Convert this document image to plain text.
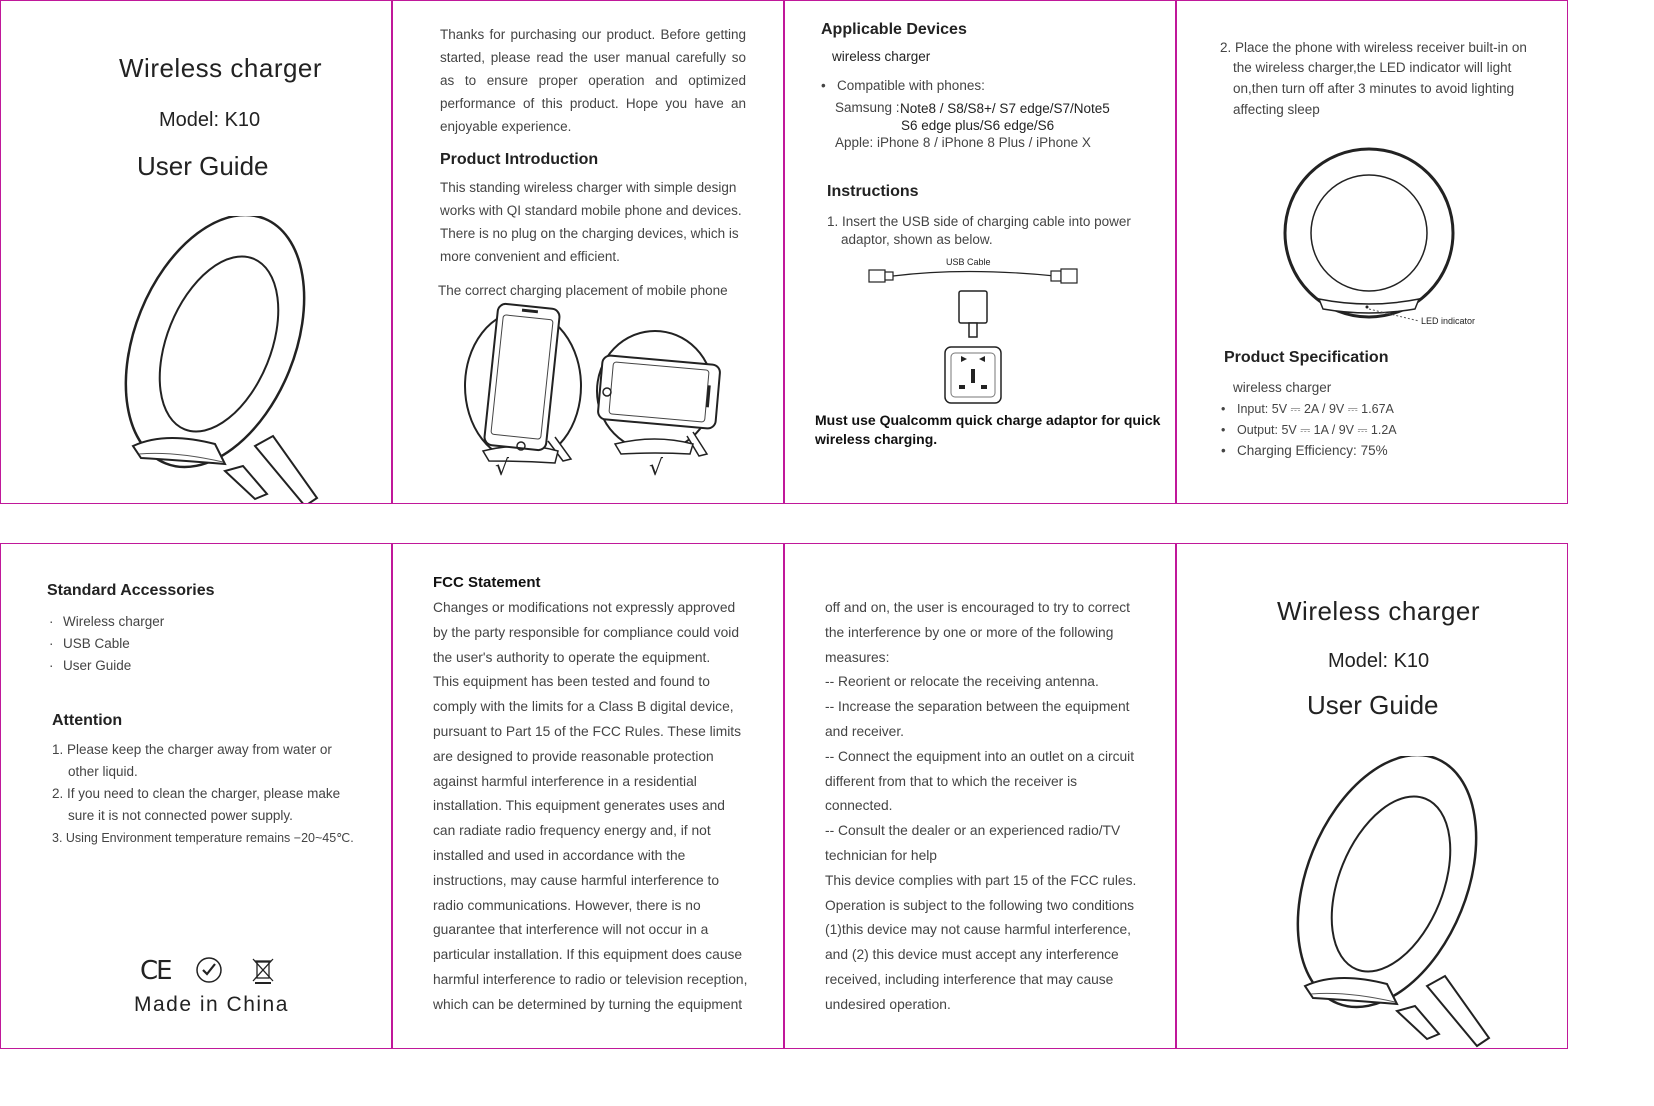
Wireless charger
Model: K10
User Guide
Thanks for purchasing our product. Before getting started, please read the user manual carefully so as to ensure proper operation and optimized performance of this product. Hope you have an enjoyable experience.
Product Introduction
This standing wireless charger with simple design works with QI standard mobile phone and devices. There is no plug on the charging devices, which is more convenient and efficient.
The correct charging placement of mobile phone
√	√
Applicable Devices
wireless charger
• Compatible with phones:
Samsung : Note8 / S8/S8+/ S7 edge/S7/Note5
S6 edge plus/S6 edge/S6
Apple: iPhone 8 / iPhone 8 Plus / iPhone X
Instructions
1. Insert the USB side of charging cable into power
adaptor, shown as below.
USB Cable
Must use Qualcomm quick charge adaptor for quick
wireless charging.
2. Place the phone with wireless receiver built-in on
the wireless charger,the LED indicator will light
on,then turn off after 3 minutes to avoid lighting
affecting sleep
LED indicator
Product Specification
wireless charger
• Input: 5V ⎓ 2A / 9V ⎓ 1.67A
• Output: 5V ⎓ 1A / 9V ⎓ 1.2A
• Charging Efficiency: 75%
Standard Accessories
· Wireless charger
· USB Cable
· User Guide
Attention
1. Please keep the charger away from water or
other liquid.
2. If you need to clean the charger, please make
sure it is not connected power supply.
3. Using Environment temperature remains −20~45℃.
CE
Made in China
FCC Statement
Changes or modifications not expressly approved
by the party responsible for compliance could void
the user's authority to operate the equipment.
This equipment has been tested and found to
comply with the limits for a Class B digital device,
pursuant to Part 15 of the FCC Rules. These limits
are designed to provide reasonable protection
against harmful interference in a residential
installation. This equipment generates uses and
can radiate radio frequency energy and, if not
installed and used in accordance with the
instructions, may cause harmful interference to
radio communications. However, there is no
guarantee that interference will not occur in a
particular installation. If this equipment does cause
harmful interference to radio or television reception,
which can be determined by turning the equipment
off and on, the user is encouraged to try to correct
the interference by one or more of the following
measures:
-- Reorient or relocate the receiving antenna.
-- Increase the separation between the equipment
and receiver.
-- Connect the equipment into an outlet on a circuit
different from that to which the receiver is
connected.
-- Consult the dealer or an experienced radio/TV
technician for help
This device complies with part 15 of the FCC rules.
Operation is subject to the following two conditions
(1)this device may not cause harmful interference,
and (2) this device must accept any interference
received, including interference that may cause
undesired operation.
Wireless charger
Model: K10
User Guide
